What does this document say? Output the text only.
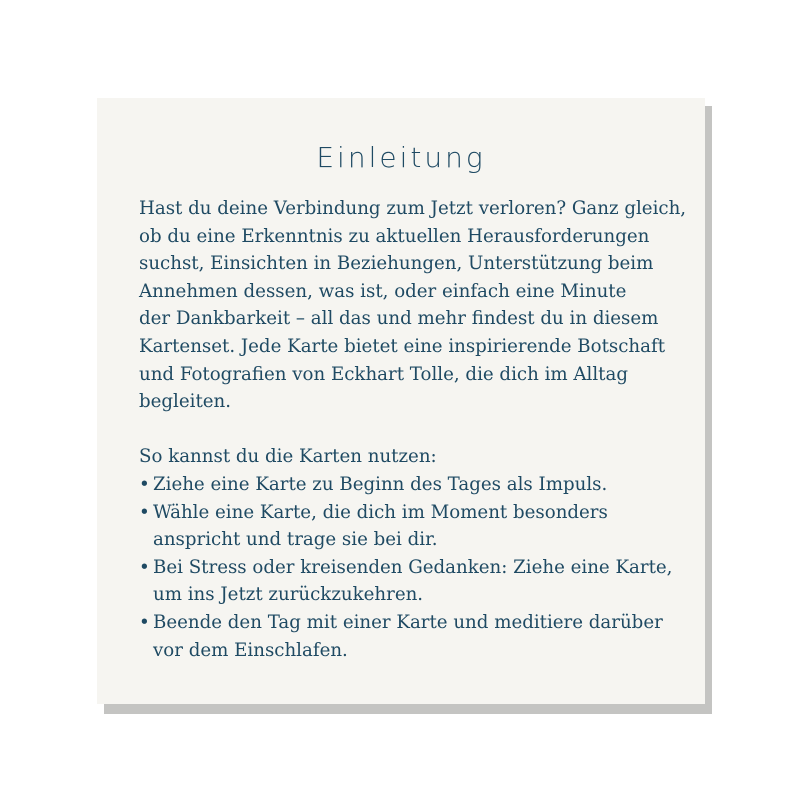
Einleitung
Hast du deine Verbindung zum Jetzt verloren? Ganz gleich,
ob du eine Erkenntnis zu aktuellen Herausforderungen
suchst, Einsichten in Beziehungen, Unterstützung beim
Annehmen dessen, was ist, oder einfach eine Minute
der Dankbarkeit – all das und mehr findest du in diesem
Kartenset. Jede Karte bietet eine inspirierende Botschaft
und Fotografien von Eckhart Tolle, die dich im Alltag
begleiten.
So kannst du die Karten nutzen:
• Ziehe eine Karte zu Beginn des Tages als Impuls.
• Wähle eine Karte, die dich im Moment besonders
anspricht und trage sie bei dir.
• Bei Stress oder kreisenden Gedanken: Ziehe eine Karte,
um ins Jetzt zurückzukehren.
• Beende den Tag mit einer Karte und meditiere darüber
vor dem Einschlafen.
